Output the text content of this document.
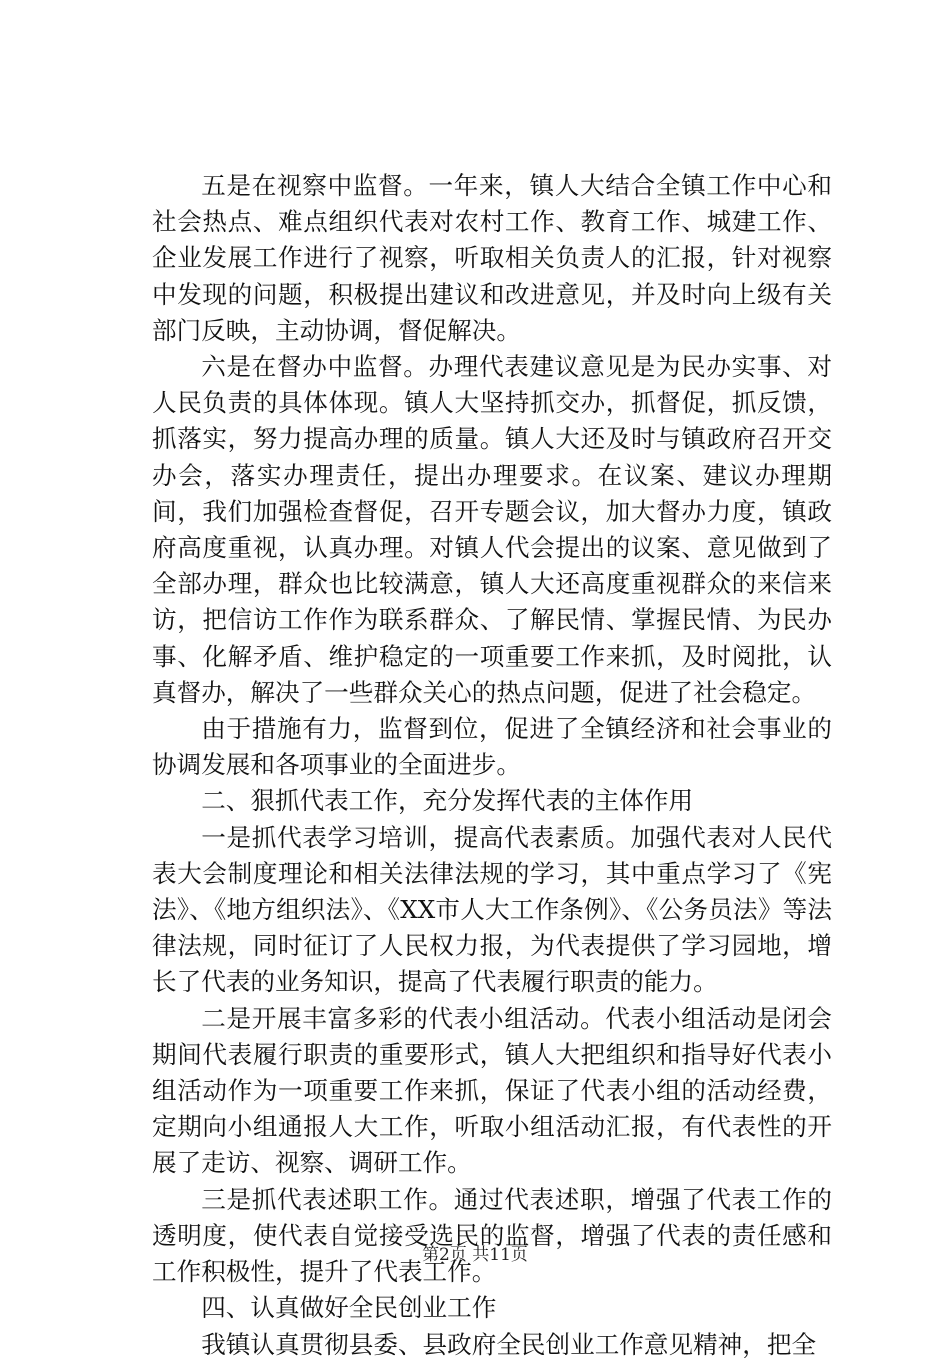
五是在视察中监督。一年来，镇人大结合全镇工作中心和社会热点、难点组织代表对农村工作、教育工作、城建工作、企业发展工作进行了视察，听取相关负责人的汇报，针对视察中发现的问题，积极提出建议和改进意见，并及时向上级有关部门反映，主动协调，督促解决。

六是在督办中监督。办理代表建议意见是为民办实事、对人民负责的具体体现。镇人大坚持抓交办，抓督促，抓反馈，抓落实，努力提高办理的质量。镇人大还及时与镇政府召开交办会，落实办理责任，提出办理要求。在议案、建议办理期间，我们加强检查督促，召开专题会议，加大督办力度，镇政府高度重视，认真办理。对镇人代会提出的议案、意见做到了全部办理，群众也比较满意，镇人大还高度重视群众的来信来访，把信访工作作为联系群众、了解民情、掌握民情、为民办事、化解矛盾、维护稳定的一项重要工作来抓，及时阅批，认真督办，解决了一些群众关心的热点问题，促进了社会稳定。

由于措施有力，监督到位，促进了全镇经济和社会事业的协调发展和各项事业的全面进步。

二、狠抓代表工作，充分发挥代表的主体作用

一是抓代表学习培训，提高代表素质。加强代表对人民代表大会制度理论和相关法律法规的学习，其中重点学习了《宪法》、《地方组织法》、《XX市人大工作条例》、《公务员法》等法律法规，同时征订了人民权力报，为代表提供了学习园地，增长了代表的业务知识，提高了代表履行职责的能力。

二是开展丰富多彩的代表小组活动。代表小组活动是闭会期间代表履行职责的重要形式，镇人大把组织和指导好代表小组活动作为一项重要工作来抓，保证了代表小组的活动经费，定期向小组通报人大工作，听取小组活动汇报，有代表性的开展了走访、视察、调研工作。

三是抓代表述职工作。通过代表述职，增强了代表工作的透明度，使代表自觉接受选民的监督，增强了代表的责任感和工作积极性，提升了代表工作。

四、认真做好全民创业工作

我镇认真贯彻县委、县政府全民创业工作意见精神，把全

第2页 共11页
